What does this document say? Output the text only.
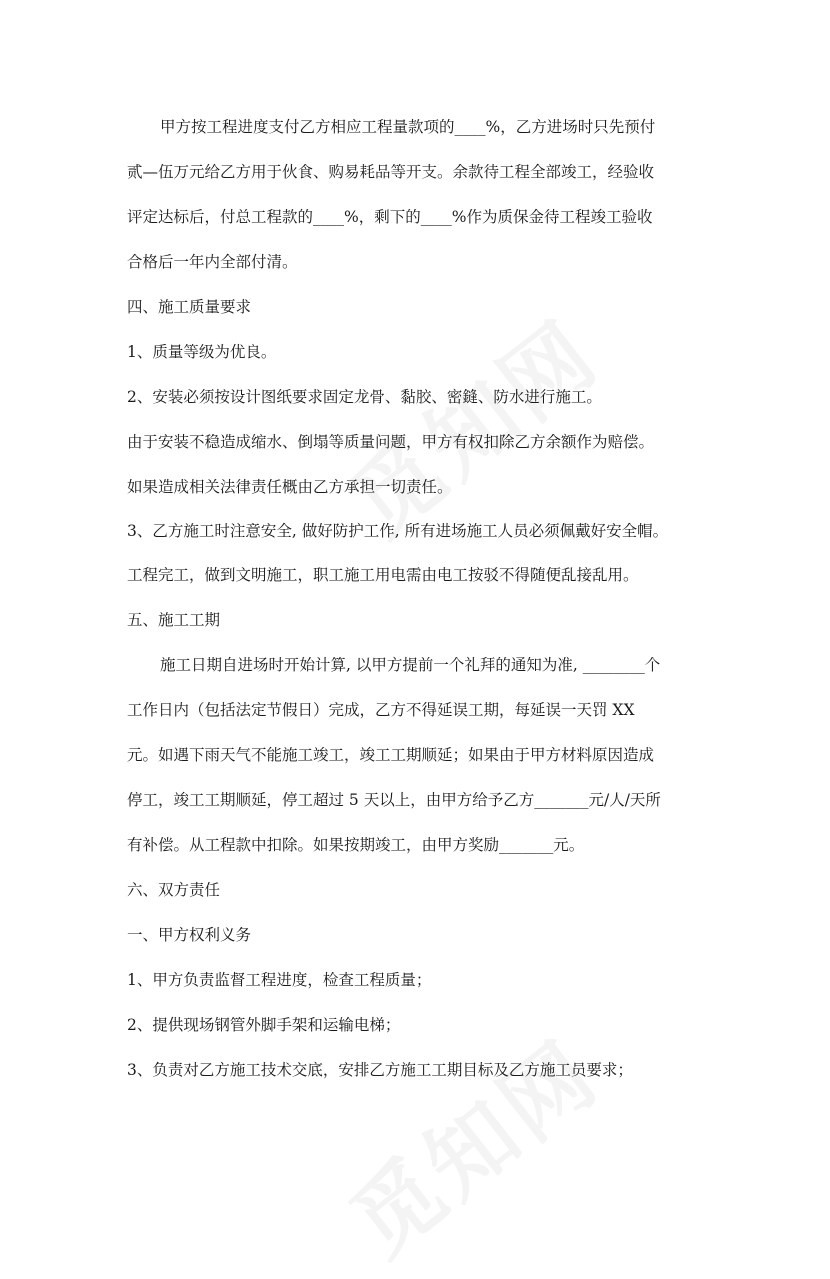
甲方按工程进度支付乙方相应工程量款项的____%，乙方进场时只先预付
贰—伍万元给乙方用于伙食、购易耗品等开支。余款待工程全部竣工，经验收
评定达标后，付总工程款的____%，剩下的____%作为质保金待工程竣工验收
合格后一年内全部付清。
四、施工质量要求
1、质量等级为优良。
2、安装必须按设计图纸要求固定龙骨、黏胶、密鏠、防水进行施工。
由于安装不稳造成缩水、倒塌等质量问题，甲方有权扣除乙方余额作为赔偿。
如果造成相关法律责任概由乙方承担一切责任。
3、乙方施工时注意安全, 做好防护工作, 所有进场施工人员必须佩戴好安全帽。
工程完工，做到文明施工，职工施工用电需由电工按驳不得随便乱接乱用。
五、施工工期
施工日期自进场时开始计算, 以甲方提前一个礼拜的通知为准, ________个
工作日内（包括法定节假日）完成，乙方不得延误工期，每延误一天罚 XX
元。如遇下雨天气不能施工竣工，竣工工期顺延；如果由于甲方材料原因造成
停工，竣工工期顺延，停工超过 5 天以上，由甲方给予乙方_______元/人/天所
有补偿。从工程款中扣除。如果按期竣工，由甲方奖励_______元。
六、双方责任
一、甲方权利义务
1、甲方负责监督工程进度，检查工程质量；
2、提供现场钢管外脚手架和运输电梯；
3、负责对乙方施工技术交底，安排乙方施工工期目标及乙方施工员要求；
